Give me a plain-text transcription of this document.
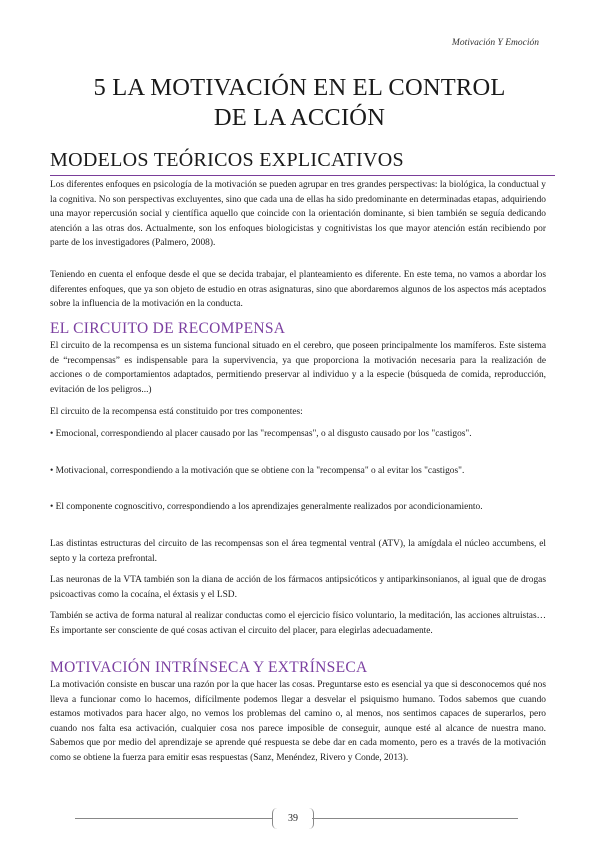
Motivación Y Emoción
5 LA MOTIVACIÓN EN EL CONTROL
DE LA ACCIÓN
MODELOS TEÓRICOS EXPLICATIVOS

Los diferentes enfoques en psicología de la motivación se pueden agrupar en tres grandes perspectivas: la biológica, la conductual y la cognitiva. No son perspectivas excluyentes, sino que cada una de ellas ha sido predominante en determinadas etapas, adquiriendo una mayor repercusión social y científica aquello que coincide con la orientación dominante, si bien también se seguía dedicando atención a las otras dos. Actualmente, son los enfoques biologicistas y cognitivistas los que mayor atención están recibiendo por parte de los investigadores (Palmero, 2008).

Teniendo en cuenta el enfoque desde el que se decida trabajar, el planteamiento es diferente. En este tema, no vamos a abordar los diferentes enfoques, que ya son objeto de estudio en otras asignaturas, sino que abordaremos algunos de los aspectos más aceptados sobre la influencia de la motivación en la conducta.

EL CIRCUITO DE RECOMPENSA

El circuito de la recompensa es un sistema funcional situado en el cerebro, que poseen principalmente los mamíferos. Este sistema de “recompensas” es indispensable para la supervivencia, ya que proporciona la motivación necesaria para la realización de acciones o de comportamientos adaptados, permitiendo preservar al individuo y a la especie (búsqueda de comida, reproducción, evitación de los peligros...)

El circuito de la recompensa está constituido por tres componentes:

• Emocional, correspondiendo al placer causado por las "recompensas", o al disgusto causado por los "castigos".

• Motivacional, correspondiendo a la motivación que se obtiene con la "recompensa" o al evitar los "castigos".

• El componente cognoscitivo, correspondiendo a los aprendizajes generalmente realizados por acondicionamiento.

Las distintas estructuras del circuito de las recompensas son el área tegmental ventral (ATV), la amígdala el núcleo accumbens, el septo y la corteza prefrontal.

Las neuronas de la VTA también son la diana de acción de los fármacos antipsicóticos y antiparkinsonianos, al igual que de drogas psicoactivas como la cocaína, el éxtasis y el LSD.

También se activa de forma natural al realizar conductas como el ejercicio físico voluntario, la meditación, las acciones altruistas… Es importante ser consciente de qué cosas activan el circuito del placer, para elegirlas adecuadamente.

MOTIVACIÓN INTRÍNSECA Y EXTRÍNSECA

La motivación consiste en buscar una razón por la que hacer las cosas. Preguntarse esto es esencial ya que si desconocemos qué nos lleva a funcionar como lo hacemos, difícilmente podemos llegar a desvelar el psiquismo humano. Todos sabemos que cuando estamos motivados para hacer algo, no vemos los problemas del camino o, al menos, nos sentimos capaces de superarlos, pero cuando nos falta esa activación, cualquier cosa nos parece imposible de conseguir, aunque esté al alcance de nuestra mano. Sabemos que por medio del aprendizaje se aprende qué respuesta se debe dar en cada momento, pero es a través de la motivación como se obtiene la fuerza para emitir esas respuestas (Sanz, Menéndez, Rivero y Conde, 2013).

39
